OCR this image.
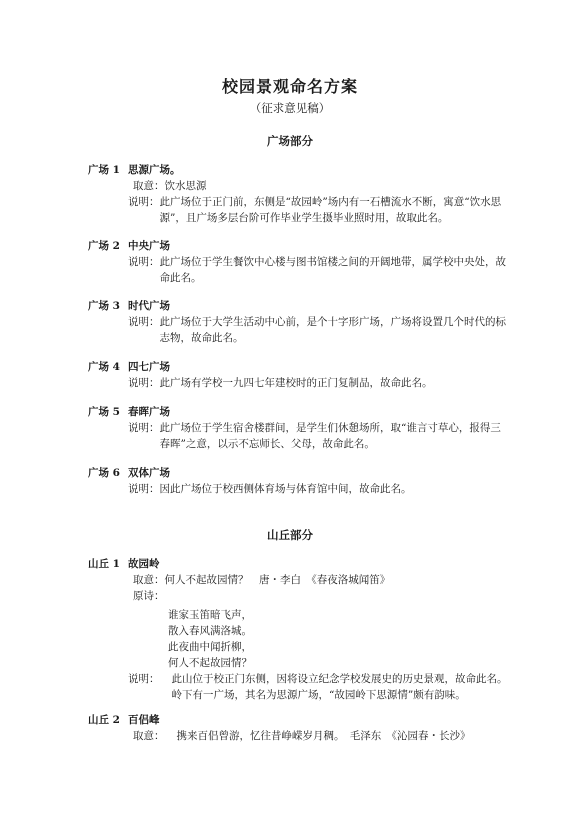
校园景观命名方案
（征求意见稿）
广场部分
广场 1 思源广场。
取意： 饮水思源
说明： 此广场位于正门前，东侧是“故园岭”场内有一石槽流水不断，寓意“饮水思源”，且广场多层台阶可作毕业学生摄毕业照时用，故取此名。
广场 2 中央广场
说明： 此广场位于学生餐饮中心楼与图书馆楼之间的开阔地带，属学校中央处，故命此名。
广场 3 时代广场
说明： 此广场位于大学生活动中心前，是个十字形广场，广场将设置几个时代的标志物，故命此名。
广场 4 四七广场
说明： 此广场有学校一九四七年建校时的正门复制品，故命此名。
广场 5 春晖广场
说明： 此广场位于学生宿舍楼群间，是学生们休憩场所，取“谁言寸草心，报得三春晖”之意，以示不忘师长、父母，故命此名。
广场 6 双体广场
说明： 因此广场位于校西侧体育场与体育馆中间，故命此名。
山丘部分
山丘 1 故园岭
取意： 何人不起故园情？　唐・李白　《春夜洛城闻笛》
原诗：
谁家玉笛暗飞声，
散入春风满洛城。
此夜曲中闻折柳，
何人不起故园情？
说明：	此山位于校正门东侧，因将设立纪念学校发展史的历史景观，故命此名。岭下有一广场，其名为思源广场，“故园岭下思源情”颇有韵味。
山丘 2 百侣峰
取意：	携来百侣曾游，忆往昔峥嵘岁月稠。　毛泽东　《沁园春・长沙》
